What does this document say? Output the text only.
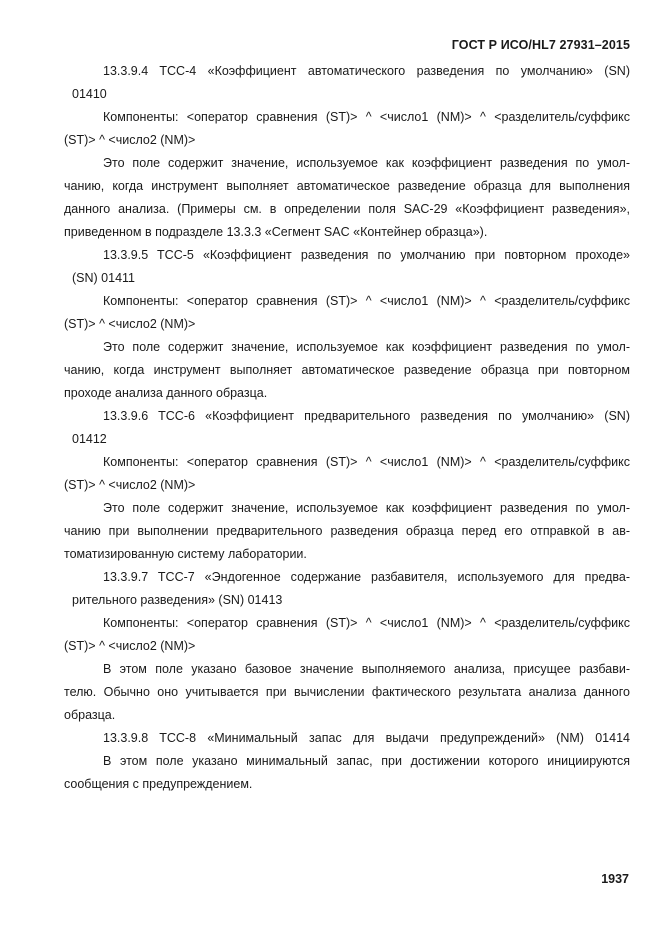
ГОСТ Р ИСО/HL7 27931–2015
13.3.9.4 TCC-4 «Коэффициент автоматического разведения по умолчанию» (SN)
01410
Компоненты: <оператор сравнения (ST)> ^ <число1 (NM)> ^ <разделитель/суффикс
(ST)> ^ <число2 (NM)>
Это поле содержит значение, используемое как коэффициент разведения по умол-
чанию, когда инструмент выполняет автоматическое разведение образца для выполнения
данного анализа. (Примеры см. в определении поля SAC-29 «Коэффициент разведения»,
приведенном в подразделе 13.3.3 «Сегмент SAC «Контейнер образца»).
13.3.9.5 TCC-5 «Коэффициент разведения по умолчанию при повторном проходе»
(SN) 01411
Компоненты: <оператор сравнения (ST)> ^ <число1 (NM)> ^ <разделитель/суффикс
(ST)> ^ <число2 (NM)>
Это поле содержит значение, используемое как коэффициент разведения по умол-
чанию, когда инструмент выполняет автоматическое разведение образца при повторном
проходе анализа данного образца.
13.3.9.6 TCC-6 «Коэффициент предварительного разведения по умолчанию» (SN)
01412
Компоненты: <оператор сравнения (ST)> ^ <число1 (NM)> ^ <разделитель/суффикс
(ST)> ^ <число2 (NM)>
Это поле содержит значение, используемое как коэффициент разведения по умол-
чанию при выполнении предварительного разведения образца перед его отправкой в ав-
томатизированную систему лаборатории.
13.3.9.7 TCC-7 «Эндогенное содержание разбавителя, используемого для предва-
рительного разведения» (SN) 01413
Компоненты: <оператор сравнения (ST)> ^ <число1 (NM)> ^ <разделитель/суффикс
(ST)> ^ <число2 (NM)>
В этом поле указано базовое значение выполняемого анализа, присущее разбави-
телю. Обычно оно учитывается при вычислении фактического результата анализа данного
образца.
13.3.9.8 TCC-8 «Минимальный запас для выдачи предупреждений» (NM) 01414
В этом поле указано минимальный запас, при достижении которого инициируются
сообщения с предупреждением.
1937
